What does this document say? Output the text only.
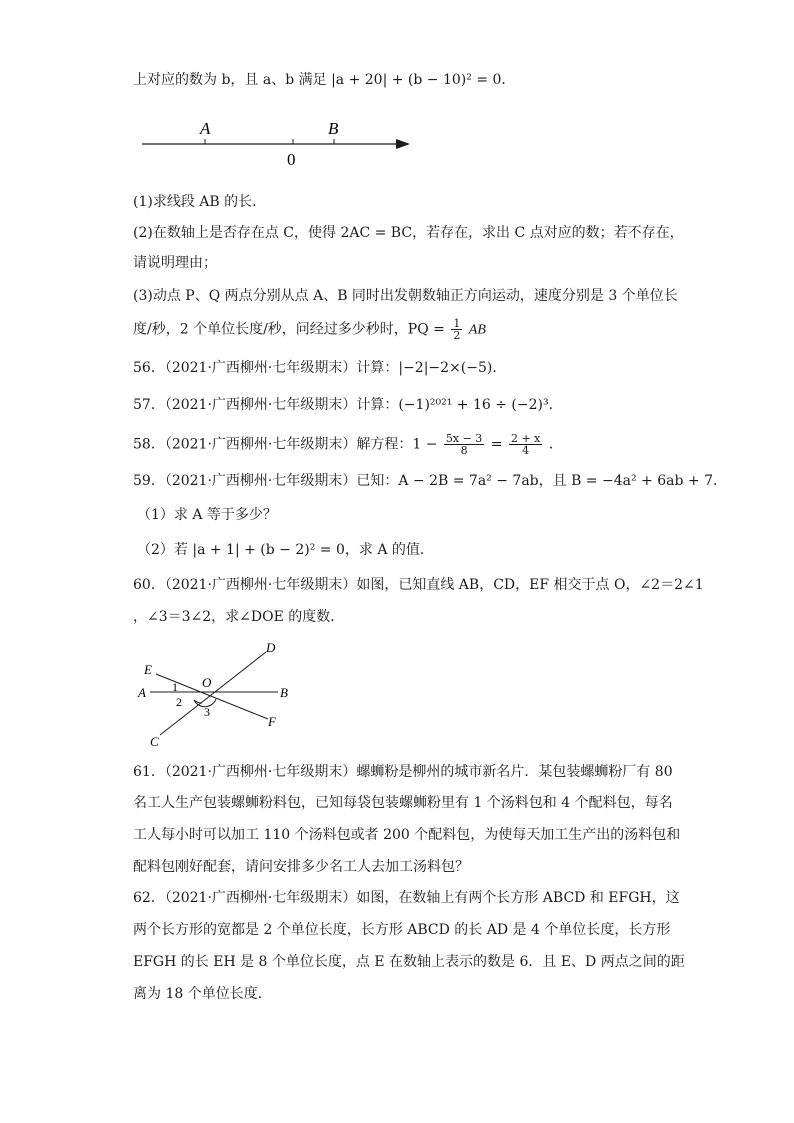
上对应的数为 b，且 a、b 满足 |a + 20| + (b − 10)² = 0．
A	B
0
(1)求线段 AB 的长．
(2)在数轴上是否存在点 C，使得 2AC = BC，若存在，求出 C 点对应的数；若不存在，
请说明理由；
(3)动点 P、Q 两点分别从点 A、B 同时出发朝数轴正方向运动，速度分别是 3 个单位长
度/秒，2 个单位长度/秒，问经过多少秒时，PQ = $\frac{1}{2}$ AB
56．（2021·广西柳州·七年级期末）计算：|−2|−2×(−5)．
57．（2021·广西柳州·七年级期末）计算：(−1)²⁰²¹ + 16 ÷ (−2)³．
58．（2021·广西柳州·七年级期末）解方程：$1 - \frac{5x - 3}{8} = \frac{2 + x}{4}$ ．
59．（2021·广西柳州·七年级期末）已知：A − 2B = 7a² − 7ab，且 B = −4a² + 6ab + 7．
（1）求 A 等于多少？
（2）若 |a + 1| + (b − 2)² = 0，求 A 的值．
60．（2021·广西柳州·七年级期末）如图，已知直线 AB，CD，EF 相交于点 O，∠2＝2∠1
，∠3＝3∠2，求∠DOE 的度数．
E
D
A	B
C
F
O
1
2
3
61．（2021·广西柳州·七年级期末）螺蛳粉是柳州的城市新名片．某包装螺蛳粉厂有 80
名工人生产包装螺蛳粉料包，已知每袋包装螺蛳粉里有 1 个汤料包和 4 个配料包，每名
工人每小时可以加工 110 个汤料包或者 200 个配料包，为使每天加工生产出的汤料包和
配料包刚好配套，请问安排多少名工人去加工汤料包？
62．（2021·广西柳州·七年级期末）如图，在数轴上有两个长方形 ABCD 和 EFGH，这
两个长方形的宽都是 2 个单位长度，长方形 ABCD 的长 AD 是 4 个单位长度，长方形
EFGH 的长 EH 是 8 个单位长度，点 E 在数轴上表示的数是 6．且 E、D 两点之间的距
离为 18 个单位长度．
